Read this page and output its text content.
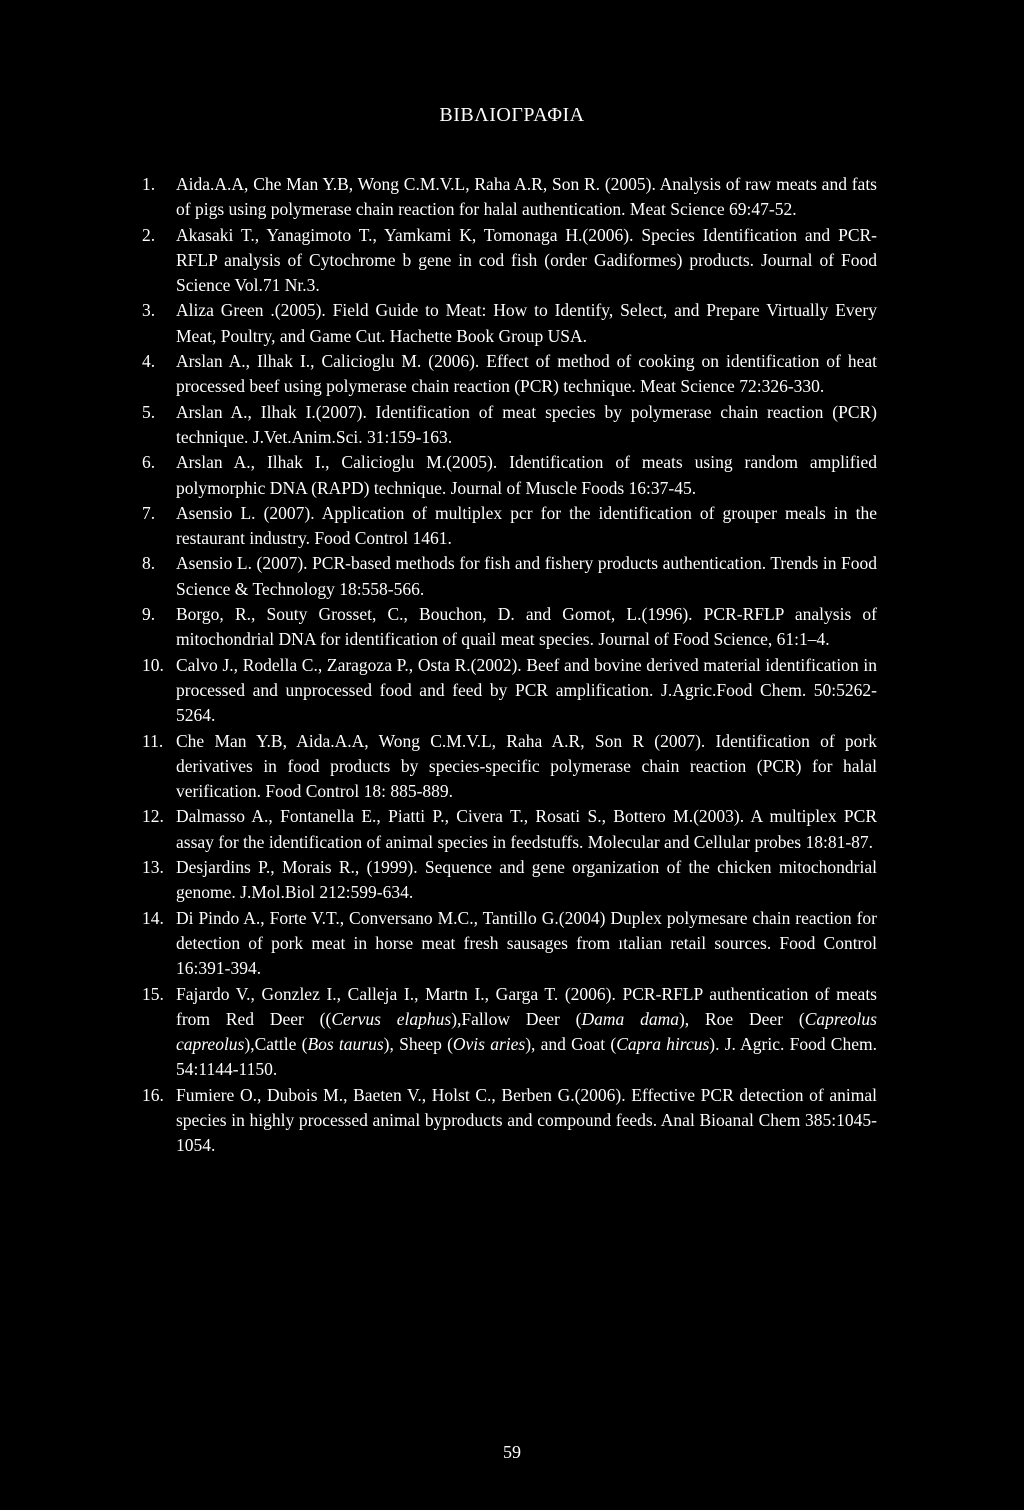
ΒΙΒΛΙΟΓΡΑΦΙΑ
1.	Aida.A.A, Che Man Y.B, Wong C.M.V.L, Raha A.R, Son R. (2005). Analysis of raw meats and fats of pigs using polymerase chain reaction for halal authentication. Meat Science 69:47-52.
2.	Akasaki T., Yanagimoto T., Yamkami K, Tomonaga H.(2006). Species Identification and PCR-RFLP analysis of Cytochrome b gene in cod fish (order Gadiformes) products. Journal of Food Science Vol.71 Nr.3.
3.	Aliza Green .(2005). Field Guide to Meat: How to Identify, Select, and Prepare Virtually Every Meat, Poultry, and Game Cut. Hachette Book Group USA.
4.	Arslan A., Ilhak I., Calicioglu M. (2006). Effect of method of cooking on identification of heat processed beef using polymerase chain reaction (PCR) technique. Meat Science 72:326-330.
5.	Arslan A., Ilhak I.(2007). Identification of meat species by polymerase chain reaction (PCR) technique. J.Vet.Anim.Sci. 31:159-163.
6.	Arslan A., Ilhak I., Calicioglu M.(2005). Identification of meats using random amplified polymorphic DNA (RAPD) technique. Journal of Muscle Foods 16:37-45.
7.	Asensio L. (2007). Application of multiplex pcr for the identification of grouper meals in the restaurant industry. Food Control 1461.
8.	Asensio L. (2007). PCR-based methods for fish and fishery products authentication. Trends in Food Science & Technology 18:558-566.
9.	Borgo, R., Souty Grosset, C., Bouchon, D. and Gomot, L.(1996). PCR-RFLP analysis of mitochondrial DNA for identification of quail meat species. Journal of Food Science, 61:1–4.
10. Calvo J., Rodella C., Zaragoza P., Osta R.(2002). Beef and bovine derived material identification in processed and unprocessed food and feed by PCR amplification. J.Agric.Food Chem. 50:5262-5264.
11. Che Man Y.B, Aida.A.A, Wong C.M.V.L, Raha A.R, Son R (2007). Identification of pork derivatives in food products by species-specific polymerase chain reaction (PCR) for halal verification. Food Control 18: 885-889.
12. Dalmasso A., Fontanella E., Piatti P., Civera T., Rosati S., Bottero M.(2003). A multiplex PCR assay for the identification of animal species in feedstuffs. Molecular and Cellular probes 18:81-87.
13. Desjardins P., Morais R., (1999). Sequence and gene organization of the chicken mitochondrial genome. J.Mol.Biol 212:599-634.
14. Di Pindo A., Forte V.T., Conversano M.C., Tantillo G.(2004) Duplex polymesare chain reaction for detection of pork meat in horse meat fresh sausages from ıtalian retail sources. Food Control 16:391-394.
15. Fajardo V., Gonzlez I., Calleja I., Martn I., Garga T. (2006). PCR-RFLP authentication of meats from Red Deer ((Cervus elaphus),Fallow Deer (Dama dama), Roe Deer (Capreolus capreolus),Cattle (Bos taurus), Sheep (Ovis aries), and Goat (Capra hircus). J. Agric. Food Chem. 54:1144-1150.
16. Fumiere O., Dubois M., Baeten V., Holst C., Berben G.(2006). Effective PCR detection of animal species in highly processed animal byproducts and compound feeds. Anal Bioanal Chem 385:1045-1054.
59
